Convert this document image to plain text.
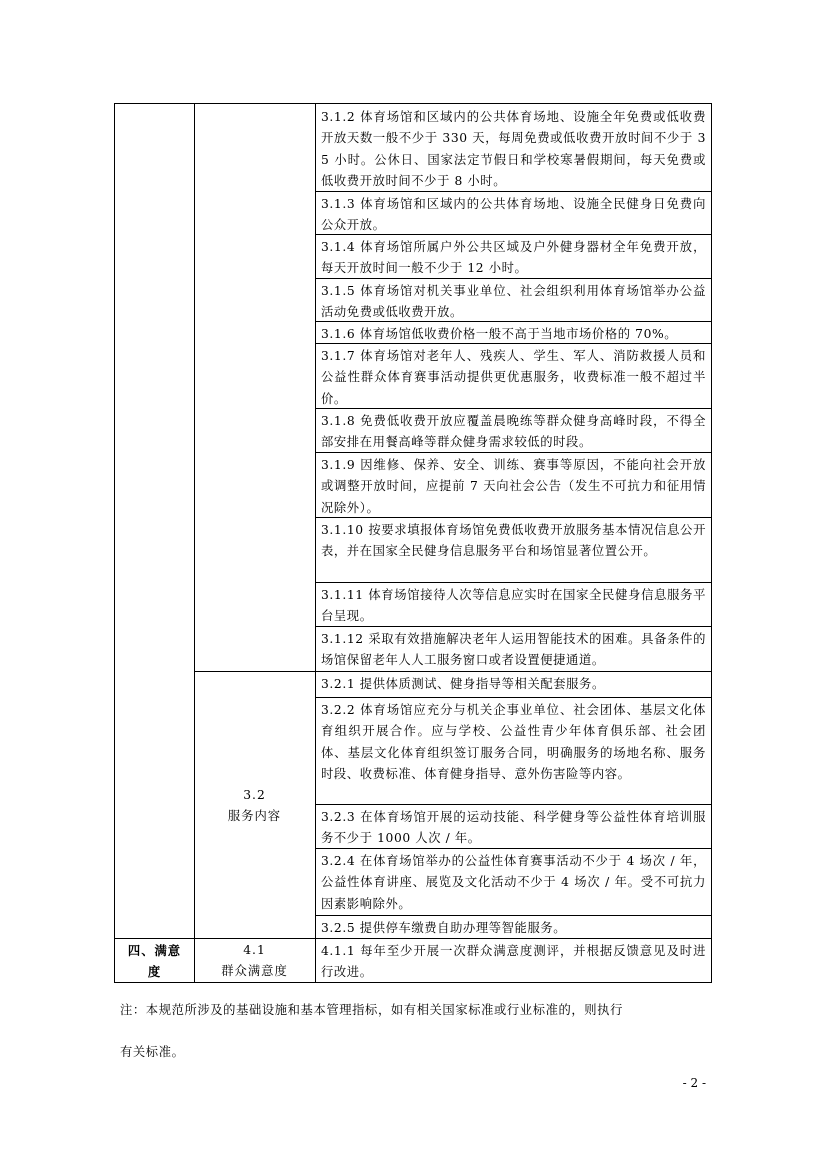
3.1.2 体育场馆和区域内的公共体育场地、设施全年免费或低收费开放天数一般不少于 330 天，每周免费或低收费开放时间不少于 35 小时。公休日、国家法定节假日和学校寒暑假期间，每天免费或低收费开放时间不少于 8 小时。
3.1.3 体育场馆和区域内的公共体育场地、设施全民健身日免费向公众开放。
3.1.4 体育场馆所属户外公共区域及户外健身器材全年免费开放，每天开放时间一般不少于 12 小时。
3.1.5 体育场馆对机关事业单位、社会组织利用体育场馆举办公益活动免费或低收费开放。
3.1.6 体育场馆低收费价格一般不高于当地市场价格的 70%。
3.1.7 体育场馆对老年人、残疾人、学生、军人、消防救援人员和公益性群众体育赛事活动提供更优惠服务，收费标准一般不超过半价。
3.1.8 免费低收费开放应覆盖晨晚练等群众健身高峰时段，不得全部安排在用餐高峰等群众健身需求较低的时段。
3.1.9 因维修、保养、安全、训练、赛事等原因，不能向社会开放或调整开放时间，应提前 7 天向社会公告（发生不可抗力和征用情况除外）。
3.1.10 按要求填报体育场馆免费低收费开放服务基本情况信息公开表，并在国家全民健身信息服务平台和场馆显著位置公开。
3.1.11 体育场馆接待人次等信息应实时在国家全民健身信息服务平台呈现。
3.1.12 采取有效措施解决老年人运用智能技术的困难。具备条件的场馆保留老年人人工服务窗口或者设置便捷通道。
3.2.1 提供体质测试、健身指导等相关配套服务。
3.2.2 体育场馆应充分与机关企事业单位、社会团体、基层文化体育组织开展合作。应与学校、公益性青少年体育俱乐部、社会团体、基层文化体育组织签订服务合同，明确服务的场地名称、服务时段、收费标准、体育健身指导、意外伤害险等内容。
3.2.3 在体育场馆开展的运动技能、科学健身等公益性体育培训服务不少于 1000 人次 / 年。
3.2.4 在体育场馆举办的公益性体育赛事活动不少于 4 场次 / 年，公益性体育讲座、展览及文化活动不少于 4 场次 / 年。受不可抗力因素影响除外。
3.2.5 提供停车缴费自助办理等智能服务。
4.1.1 每年至少开展一次群众满意度测评，并根据反馈意见及时进行改进。
3.2
服务内容
四、满意
度
4.1
群众满意度
注：本规范所涉及的基础设施和基本管理指标，如有相关国家标准或行业标准的，则执行
有关标准。
- 2 -
